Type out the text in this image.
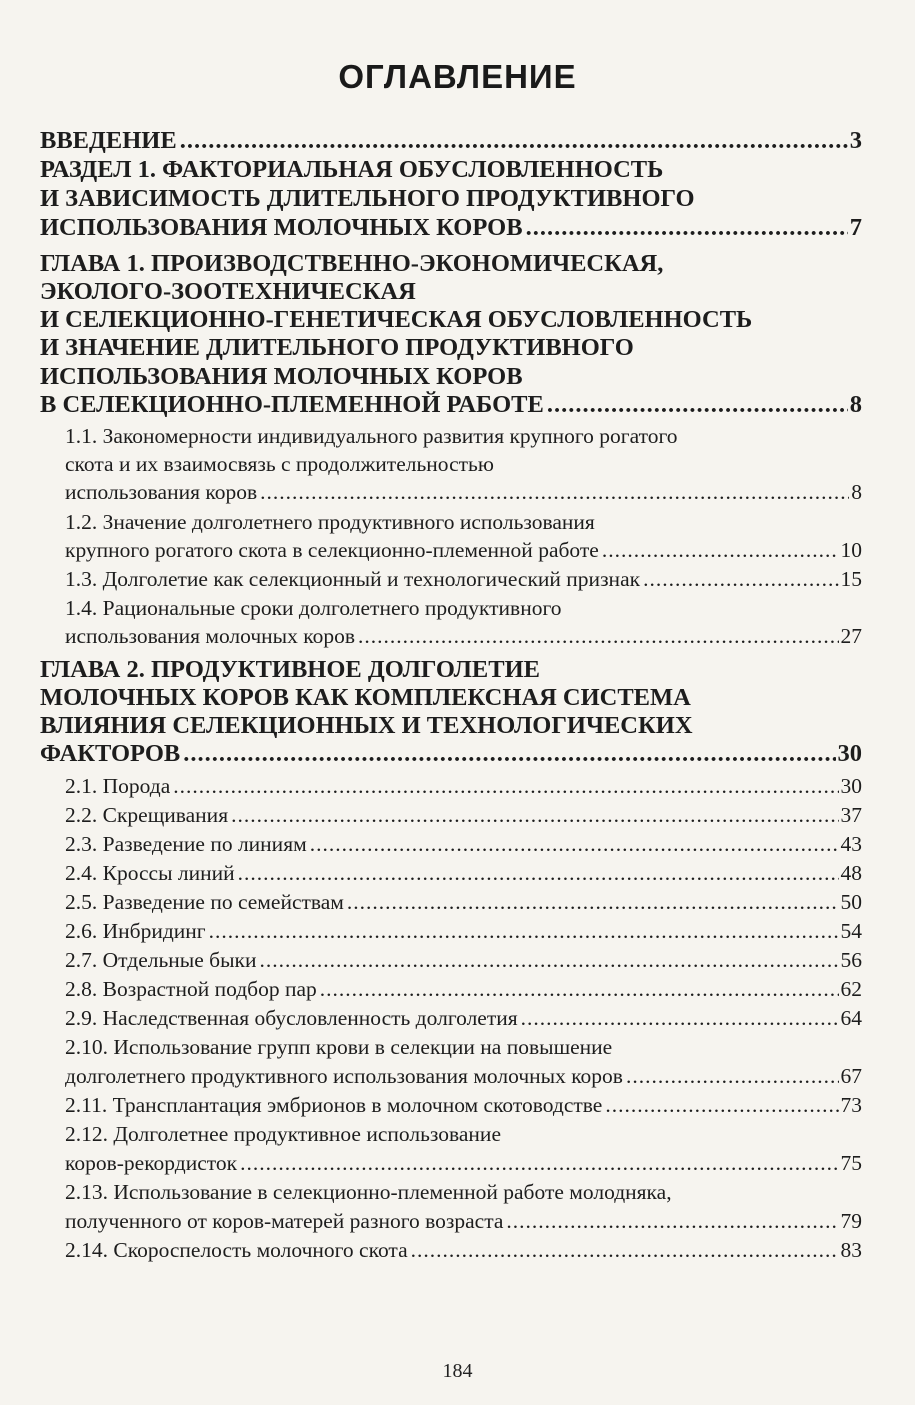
ОГЛАВЛЕНИЕ
ВВЕДЕНИЕ .....	3
РАЗДЕЛ 1. ФАКТОРИАЛЬНАЯ ОБУСЛОВЛЕННОСТЬ
И ЗАВИСИМОСТЬ ДЛИТЕЛЬНОГО ПРОДУКТИВНОГО
ИСПОЛЬЗОВАНИЯ МОЛОЧНЫХ КОРОВ .....	7
ГЛАВА 1. ПРОИЗВОДСТВЕННО-ЭКОНОМИЧЕСКАЯ,
ЭКОЛОГО-ЗООТЕХНИЧЕСКАЯ
И СЕЛЕКЦИОННО-ГЕНЕТИЧЕСКАЯ ОБУСЛОВЛЕННОСТЬ
И ЗНАЧЕНИЕ ДЛИТЕЛЬНОГО ПРОДУКТИВНОГО
ИСПОЛЬЗОВАНИЯ МОЛОЧНЫХ КОРОВ
В СЕЛЕКЦИОННО-ПЛЕМЕННОЙ РАБОТЕ .....	8
1.1. Закономерности индивидуального развития крупного рогатого
скота и их взаимосвязь с продолжительностью
использования коров .....	8
1.2. Значение долголетнего продуктивного использования
крупного рогатого скота в селекционно-племенной работе .....	10
1.3. Долголетие как селекционный и технологический признак .....	15
1.4. Рациональные сроки долголетнего продуктивного
использования молочных коров .....	27
ГЛАВА 2. ПРОДУКТИВНОЕ ДОЛГОЛЕТИЕ
МОЛОЧНЫХ КОРОВ КАК КОМПЛЕКСНАЯ СИСТЕМА
ВЛИЯНИЯ СЕЛЕКЦИОННЫХ И ТЕХНОЛОГИЧЕСКИХ
ФАКТОРОВ .....	30
2.1. Порода .....	30
2.2. Скрещивания .....	37
2.3. Разведение по линиям .....	43
2.4. Кроссы линий .....	48
2.5. Разведение по семействам .....	50
2.6. Инбридинг .....	54
2.7. Отдельные быки .....	56
2.8. Возрастной подбор пар .....	62
2.9. Наследственная обусловленность долголетия .....	64
2.10. Использование групп крови в селекции на повышение
долголетнего продуктивного использования молочных коров .....	67
2.11. Трансплантация эмбрионов в молочном скотоводстве .....	73
2.12. Долголетнее продуктивное использование
коров-рекордисток .....	75
2.13. Использование в селекционно-племенной работе молодняка,
полученного от коров-матерей разного возраста .....	79
2.14. Скороспелость молочного скота .....	83
184
